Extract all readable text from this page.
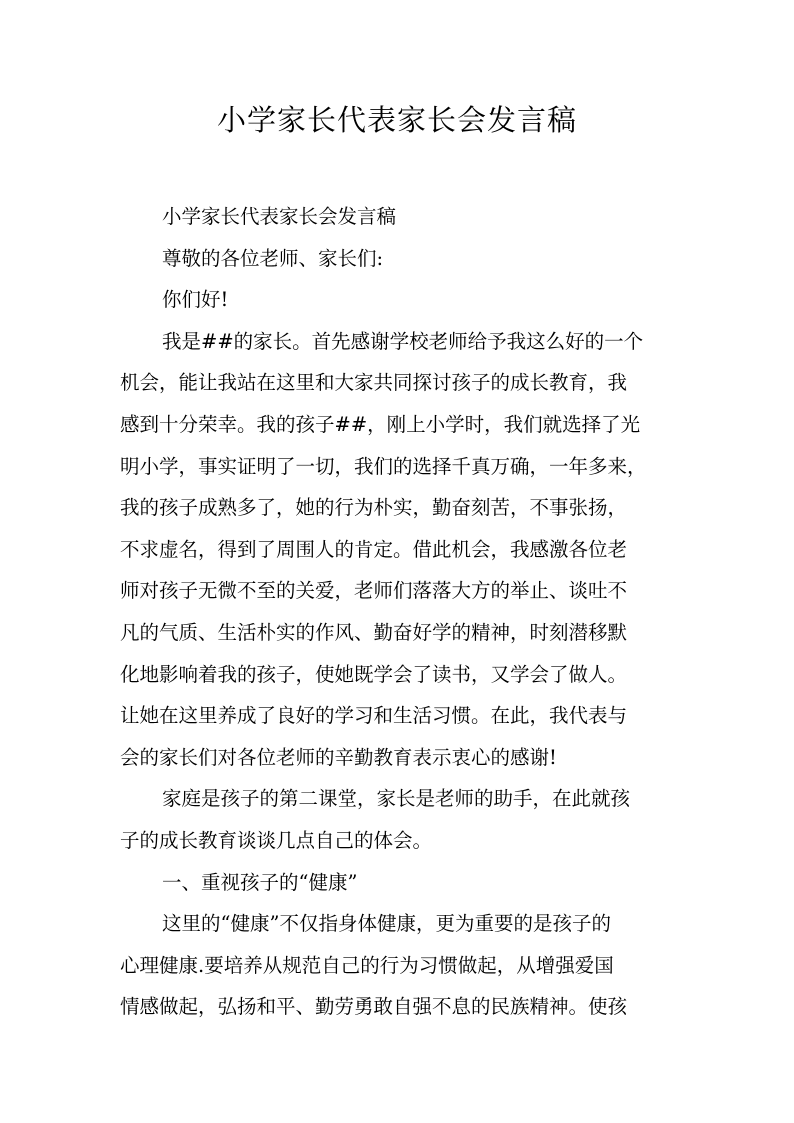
小学家长代表家长会发言稿
小学家长代表家长会发言稿
尊敬的各位老师、家长们:
你们好!
我是##的家长。首先感谢学校老师给予我这么好的一个
机会，能让我站在这里和大家共同探讨孩子的成长教育，我
感到十分荣幸。我的孩子##，刚上小学时，我们就选择了光
明小学，事实证明了一切，我们的选择千真万确，一年多来，
我的孩子成熟多了，她的行为朴实，勤奋刻苦，不事张扬，
不求虚名，得到了周围人的肯定。借此机会，我感激各位老
师对孩子无微不至的关爱，老师们落落大方的举止、谈吐不
凡的气质、生活朴实的作风、勤奋好学的精神，时刻潜移默
化地影响着我的孩子，使她既学会了读书，又学会了做人。
让她在这里养成了良好的学习和生活习惯。在此，我代表与
会的家长们对各位老师的辛勤教育表示衷心的感谢!
家庭是孩子的第二课堂，家长是老师的助手，在此就孩
子的成长教育谈谈几点自己的体会。
一、重视孩子的“健康”
这里的“健康”不仅指身体健康，更为重要的是孩子的
心理健康.要培养从规范自己的行为习惯做起，从增强爱国
情感做起，弘扬和平、勤劳勇敢自强不息的民族精神。使孩
